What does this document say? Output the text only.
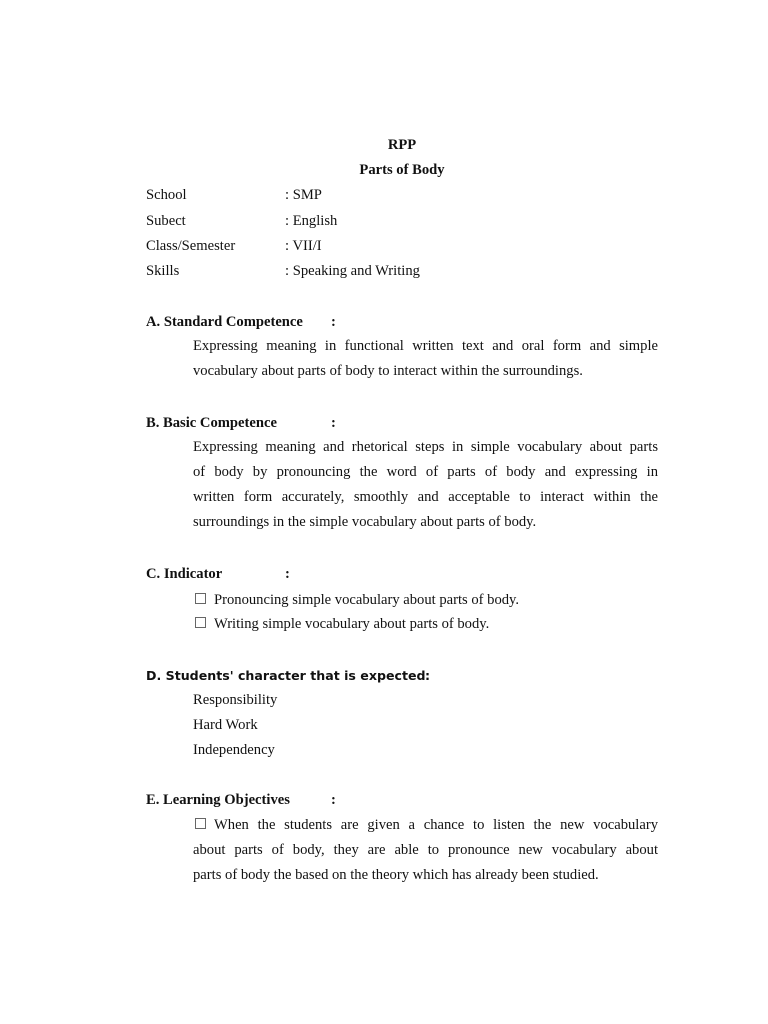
RPP
Parts of Body
School	: SMP
Subect	: English
Class/Semester	: VII/I
Skills	: Speaking and Writing
A. Standard Competence :
Expressing meaning in functional written text and oral form and simple
vocabulary about parts of body to interact within the surroundings.
B. Basic Competence	:
Expressing meaning and rhetorical steps in simple vocabulary about parts
of body by pronouncing the word of parts of body and expressing in
written form accurately, smoothly and acceptable to interact within the
surroundings in the simple vocabulary about parts of body.
C. Indicator	:
Pronouncing simple vocabulary about parts of body.
Writing simple vocabulary about parts of body.
D. Students' character that is expected :
Responsibility
Hard Work
Independency
E. Learning Objectives	:
When the students are given a chance to listen the new vocabulary
about parts of body, they are able to pronounce new vocabulary about
parts of body the based on the theory which has already been studied.
